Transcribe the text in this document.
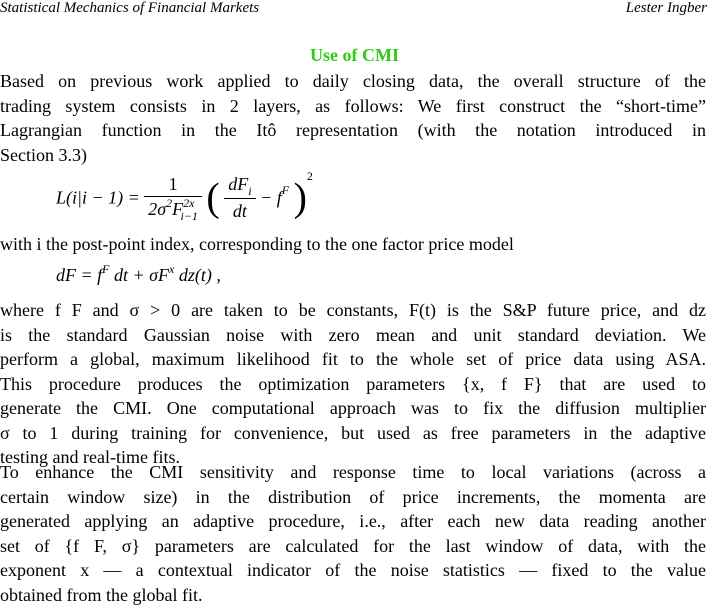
Statistical Mechanics of Financial Markets	Lester Ingber
Use of CMI
Based on previous work applied to daily closing data, the overall structure of the
trading system consists in 2 layers, as follows: We first construct the “short-time”
Lagrangian function in the Itô representation (with the notation introduced in
Section 3.3)
$L(i|i - 1) = \frac{1}{2\sigma^2F^{2x}_{i-1}}$ ( $\frac{dF_i}{dt} - f^F$ )$^2$
with i the post-point index, corresponding to the one factor price model
dF = $f^F$ dt + $\sigma F^x$ dz(t) ,
where f F and σ > 0 are taken to be constants, F(t) is the S&P future price, and dz
is the standard Gaussian noise with zero mean and unit standard deviation. We
perform a global, maximum likelihood fit to the whole set of price data using ASA.
This procedure produces the optimization parameters {x, f F} that are used to
generate the CMI. One computational approach was to fix the diffusion multiplier
σ to 1 during training for convenience, but used as free parameters in the adaptive
testing and real-time fits.
To enhance the CMI sensitivity and response time to local variations (across a
certain window size) in the distribution of price increments, the momenta are
generated applying an adaptive procedure, i.e., after each new data reading another
set of {f F, σ} parameters are calculated for the last window of data, with the
exponent x — a contextual indicator of the noise statistics — fixed to the value
obtained from the global fit.
